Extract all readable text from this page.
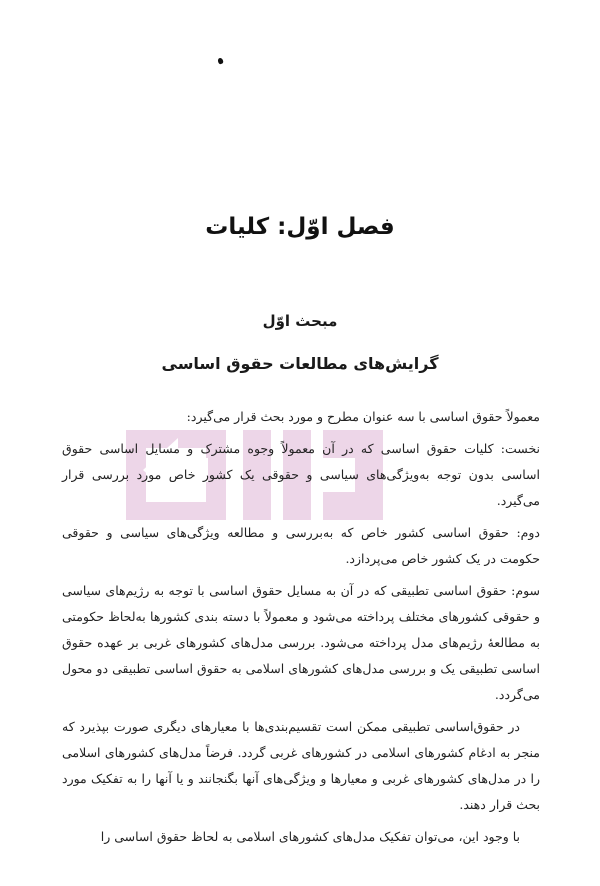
فصل اوّل: کلیات
مبحث اوّل
گرایش‌های مطالعات حقوق اساسی

معمولاً حقوق اساسی با سه عنوان مطرح و مورد بحث قرار می‌گیرد:

نخست: کلیات حقوق اساسی که در آن معمولاً وجوه مشترک و مسایل اساسی حقوق اساسی بدون توجه به‌ویژگی‌های سیاسی و حقوقی یک کشور خاص مورد بررسی قرار می‌گیرد.

دوم: حقوق اساسی کشور خاص که به‌بررسی و مطالعه ویژگی‌های سیاسی و حقوقی حکومت در یک کشور خاص می‌پردازد.

سوم: حقوق اساسی تطبیقی که در آن به مسایل حقوق اساسی با توجه به رژیم‌های سیاسی و حقوقی کشورهای مختلف پرداخته می‌شود و معمولاً با دسته بندی کشورها به‌لحاظ حکومتی به مطالعهٔ رژیم‌های مدل پرداخته می‌شود. بررسی مدل‌های کشورهای غربی بر عهده حقوق اساسی تطبیقی یک و بررسی مدل‌های کشورهای اسلامی به حقوق اساسی تطبیقی دو محول می‌گردد.

در حقوق‌اساسی تطبیقی ممکن است تقسیم‌بندی‌ها با معیارهای دیگری صورت بپذیرد که منجر به ادغام کشورهای اسلامی در کشورهای غربی گردد. فرضاً مدل‌های کشورهای اسلامی را در مدل‌های کشورهای غربی و معیارها و ویژگی‌های آنها بگنجانند و یا آنها را به تفکیک مورد بحث قرار دهند.

با وجود این، می‌توان تفکیک مدل‌های کشورهای اسلامی به لحاظ حقوق اساسی را
